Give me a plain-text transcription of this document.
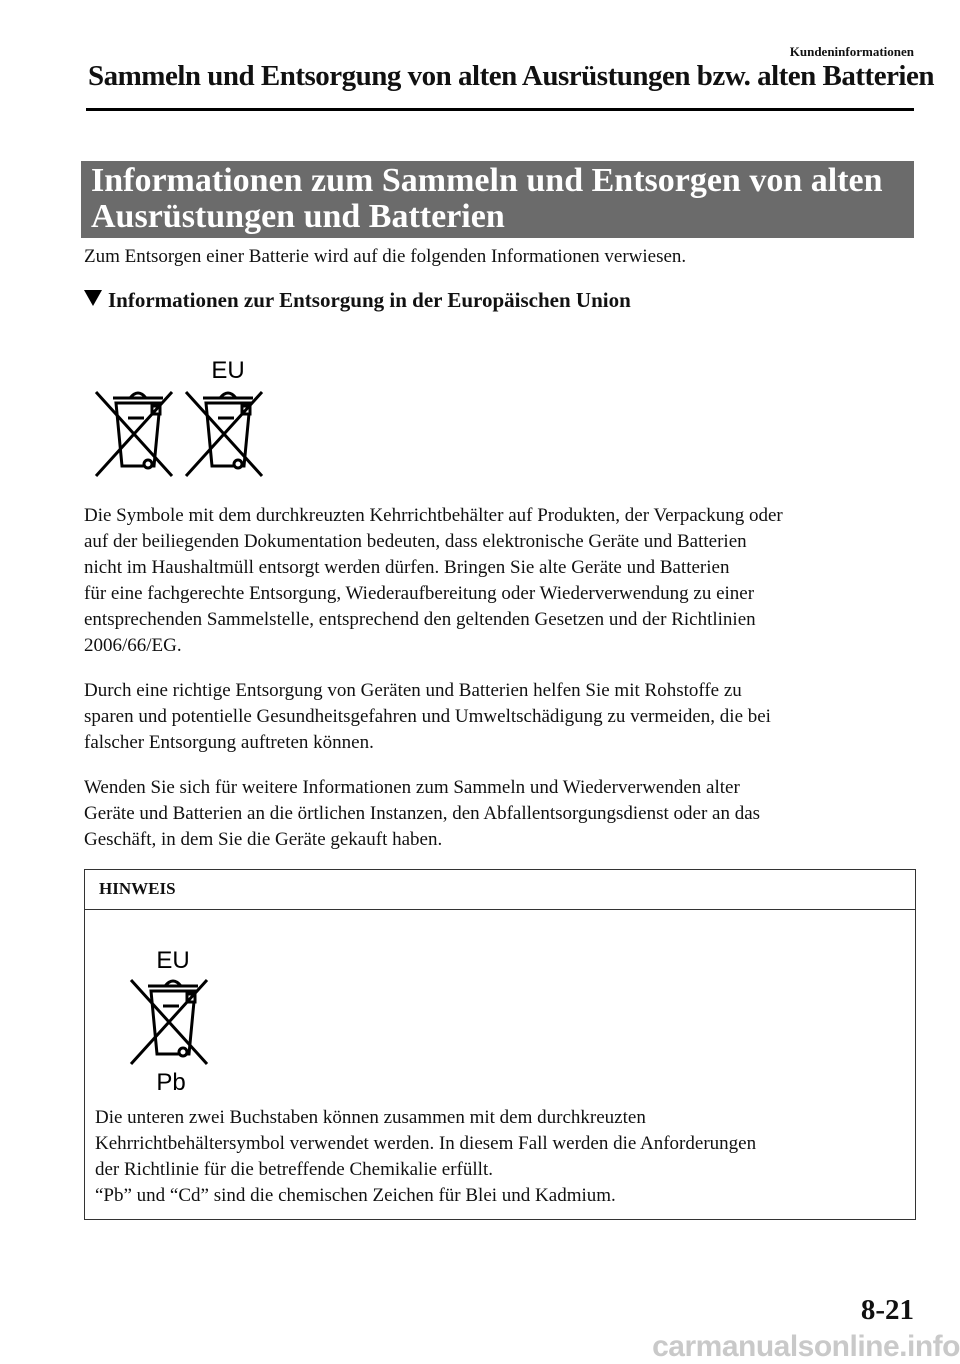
Kundeninformationen
Sammeln und Entsorgung von alten Ausrüstungen bzw. alten Batterien
Informationen zum Sammeln und Entsorgen von alten
Ausrüstungen und Batterien
Zum Entsorgen einer Batterie wird auf die folgenden Informationen verwiesen.
Informationen zur Entsorgung in der Europäischen Union
EU
Die Symbole mit dem durchkreuzten Kehrrichtbehälter auf Produkten, der Verpackung oder
auf der beiliegenden Dokumentation bedeuten, dass elektronische Geräte und Batterien
nicht im Haushaltmüll entsorgt werden dürfen. Bringen Sie alte Geräte und Batterien
für eine fachgerechte Entsorgung, Wiederaufbereitung oder Wiederverwendung zu einer
entsprechenden Sammelstelle, entsprechend den geltenden Gesetzen und der Richtlinien
2006/66/EG.
Durch eine richtige Entsorgung von Geräten und Batterien helfen Sie mit Rohstoffe zu
sparen und potentielle Gesundheitsgefahren und Umweltschädigung zu vermeiden, die bei
falscher Entsorgung auftreten können.
Wenden Sie sich für weitere Informationen zum Sammeln und Wiederverwenden alter
Geräte und Batterien an die örtlichen Instanzen, den Abfallentsorgungsdienst oder an das
Geschäft, in dem Sie die Geräte gekauft haben.
HINWEIS
EU
Pb
Die unteren zwei Buchstaben können zusammen mit dem durchkreuzten
Kehrrichtbehältersymbol verwendet werden. In diesem Fall werden die Anforderungen
der Richtlinie für die betreffende Chemikalie erfüllt.
“Pb” und “Cd” sind die chemischen Zeichen für Blei und Kadmium.
8-21
carmanualsonline.info
